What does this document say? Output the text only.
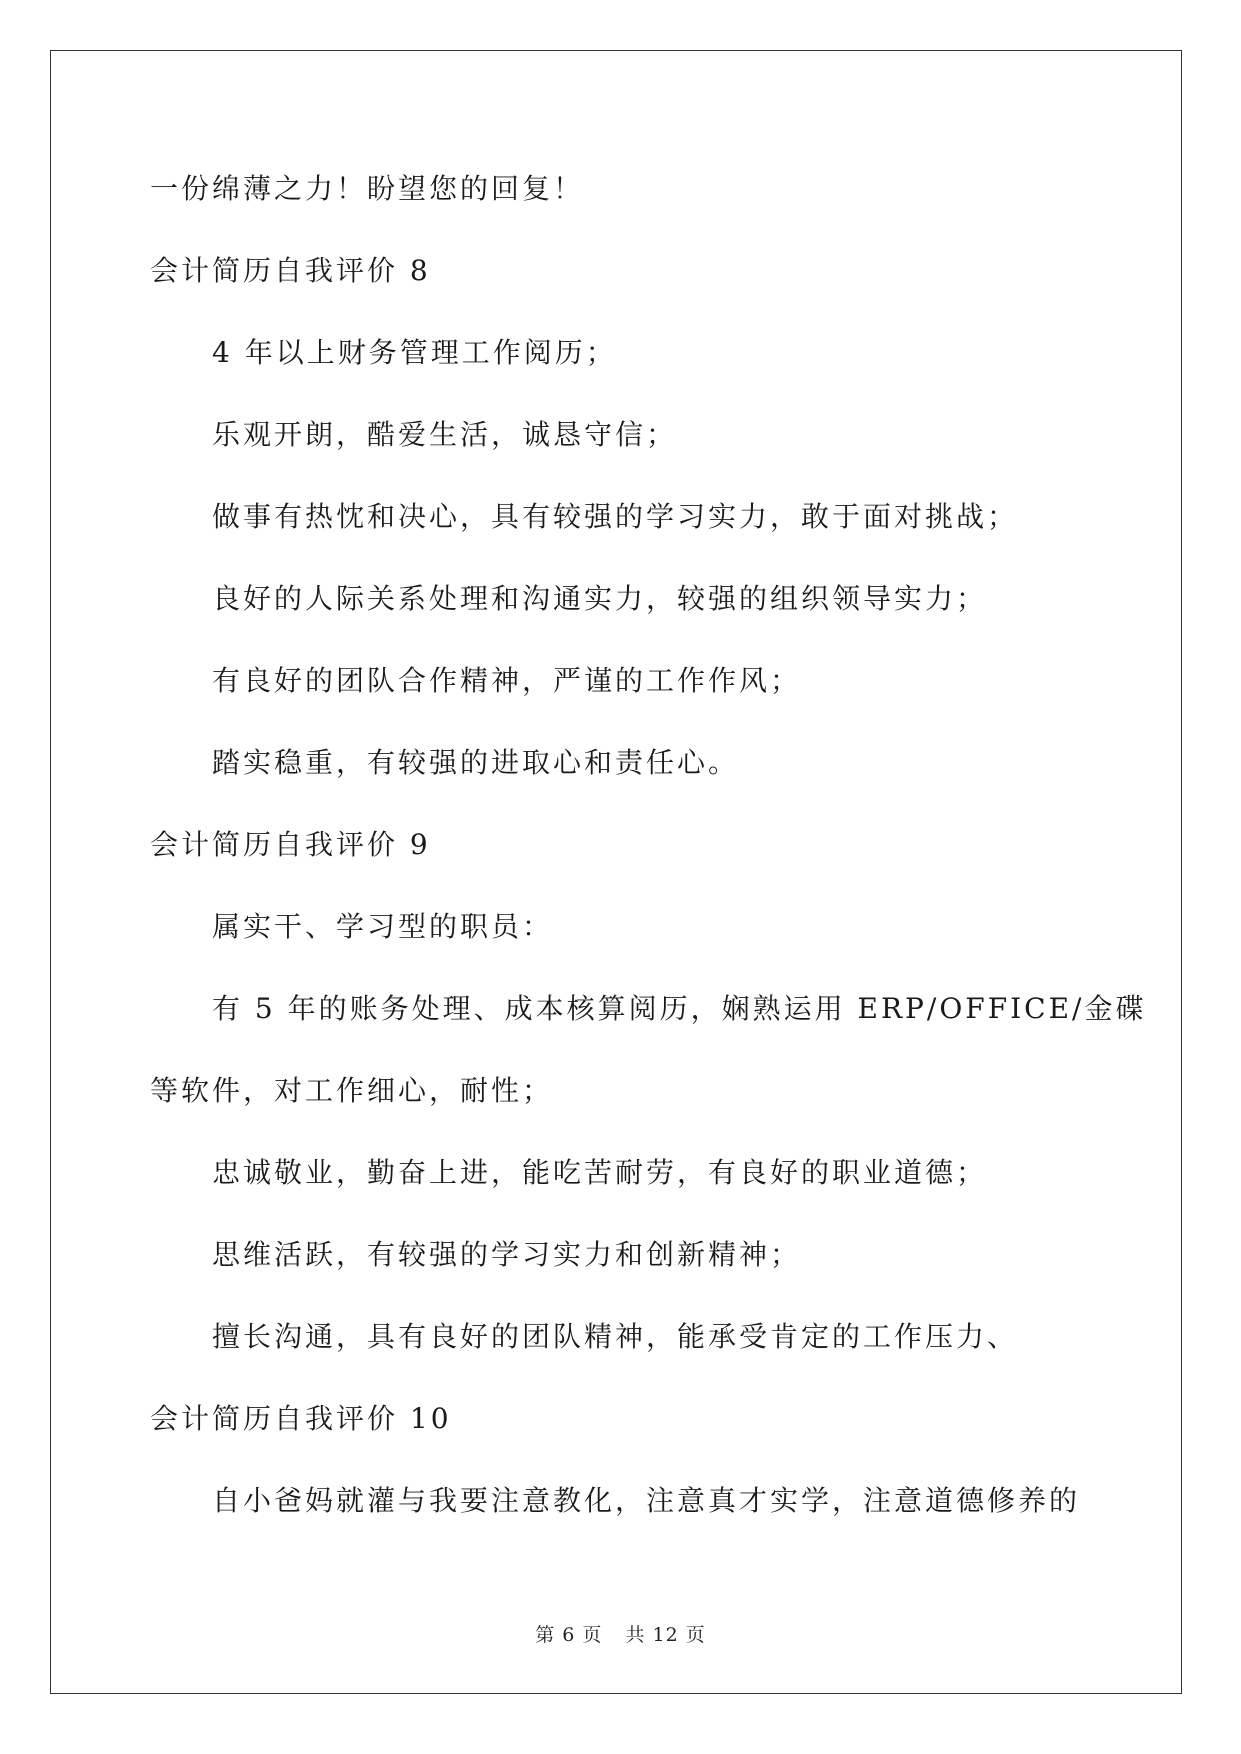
一份绵薄之力！盼望您的回复！
会计简历自我评价 8
4 年以上财务管理工作阅历；
乐观开朗，酷爱生活，诚恳守信；
做事有热忱和决心，具有较强的学习实力，敢于面对挑战；
良好的人际关系处理和沟通实力，较强的组织领导实力；
有良好的团队合作精神，严谨的工作作风；
踏实稳重，有较强的进取心和责任心。
会计简历自我评价 9
属实干、学习型的职员：
有 5 年的账务处理、成本核算阅历，娴熟运用 ERP/OFFICE/金碟
等软件，对工作细心，耐性；
忠诚敬业，勤奋上进，能吃苦耐劳，有良好的职业道德；
思维活跃，有较强的学习实力和创新精神；
擅长沟通，具有良好的团队精神，能承受肯定的工作压力、
会计简历自我评价 10
自小爸妈就灌与我要注意教化，注意真才实学，注意道德修养的
第 6 页 共 12 页
